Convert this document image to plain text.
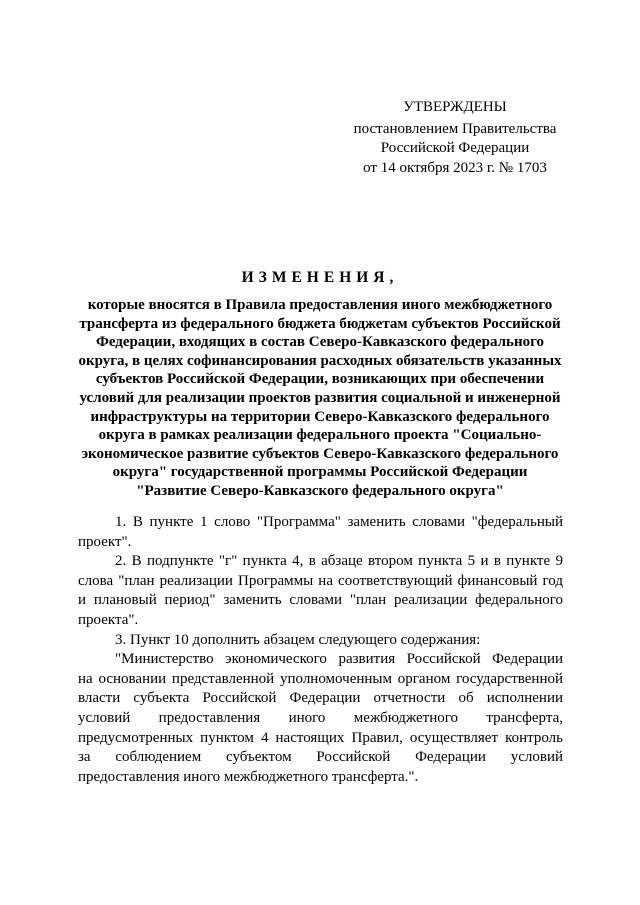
УТВЕРЖДЕНЫ
постановлением Правительства
Российской Федерации
от 14 октября 2023 г. № 1703
ИЗМЕНЕНИЯ,
которые вносятся в Правила предоставления иного межбюджетного
трансферта из федерального бюджета бюджетам субъектов Российской
Федерации, входящих в состав Северо-Кавказского федерального
округа, в целях софинансирования расходных обязательств указанных
субъектов Российской Федерации, возникающих при обеспечении
условий для реализации проектов развития социальной и инженерной
инфраструктуры на территории Северо-Кавказского федерального
округа в рамках реализации федерального проекта "Социально-
экономическое развитие субъектов Северо-Кавказского федерального
округа" государственной программы Российской Федерации
"Развитие Северо-Кавказского федерального округа"
1. В пункте 1 слово "Программа" заменить словами "федеральный
проект".
2. В подпункте "г" пункта 4, в абзаце втором пункта 5 и в пункте 9
слова "план реализации Программы на соответствующий финансовый год
и плановый период" заменить словами "план реализации федерального
проекта".
3. Пункт 10 дополнить абзацем следующего содержания:
"Министерство экономического развития Российской Федерации
на основании представленной уполномоченным органом государственной
власти субъекта Российской Федерации отчетности об исполнении
условий предоставления иного межбюджетного трансферта,
предусмотренных пунктом 4 настоящих Правил, осуществляет контроль
за соблюдением субъектом Российской Федерации условий
предоставления иного межбюджетного трансферта.".
